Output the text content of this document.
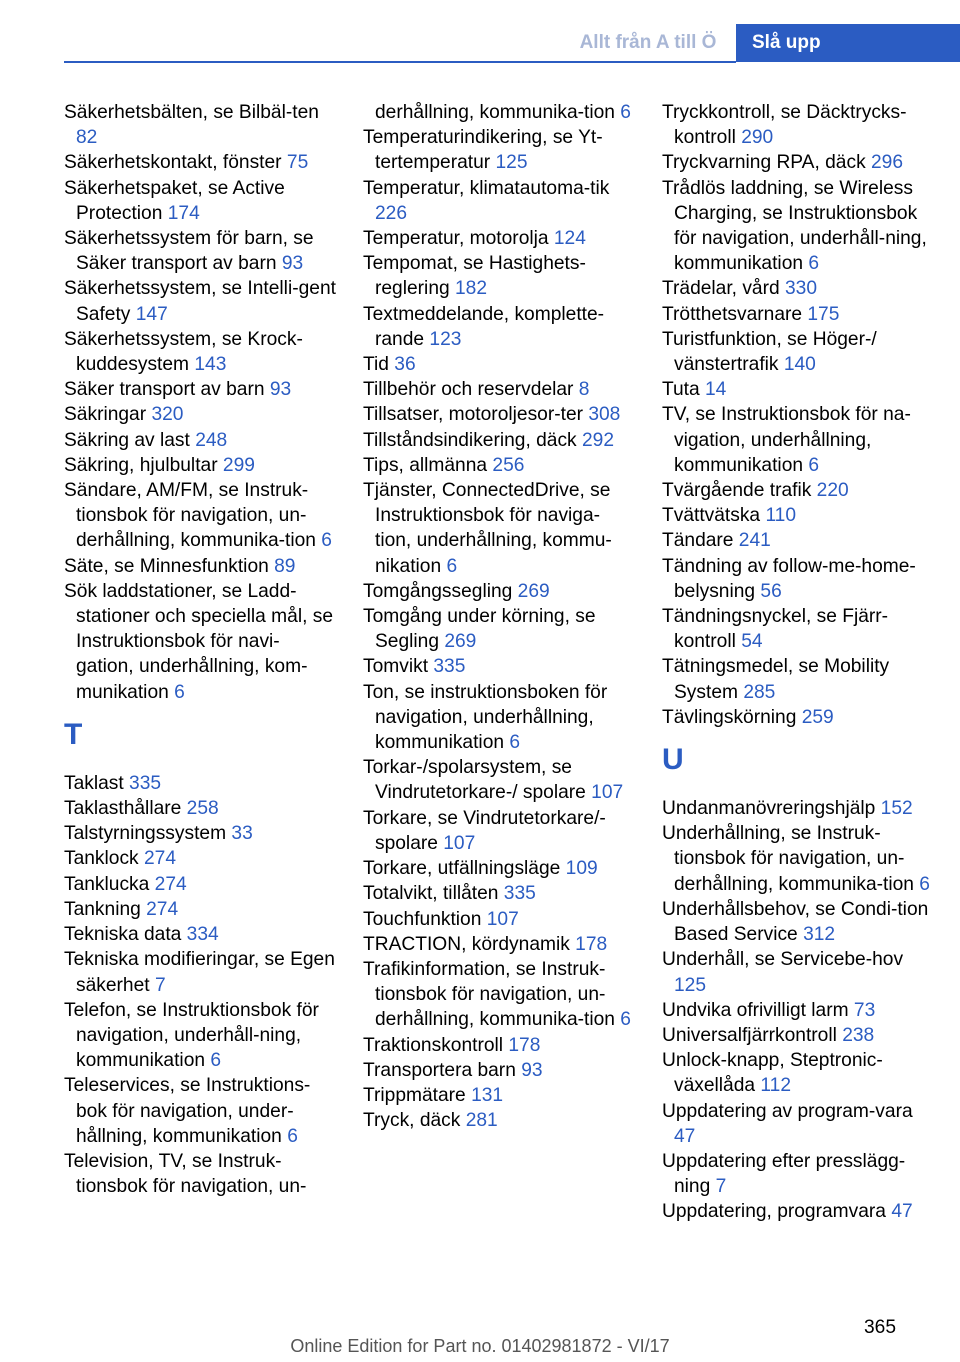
Allt från A till Ö	Slå upp

Säkerhetsbälten, se Bilbäl-ten 82

Säkerhetskontakt, fönster 75

Säkerhetspaket, se Active Protection 174

Säkerhetssystem för barn, se Säker transport av barn 93

Säkerhetssystem, se Intelli-gent Safety 147

Säkerhetssystem, se Krock-kuddesystem 143

Säker transport av barn 93

Säkringar 320

Säkring av last 248

Säkring, hjulbultar 299

Sändare, AM/FM, se Instruk-tionsbok för navigation, un-derhållning, kommunika-tion 6

Säte, se Minnesfunktion 89

Sök laddstationer, se Ladd-stationer och speciella mål, se Instruktionsbok för navi-gation, underhållning, kom-munikation 6

T

Taklast 335

Taklasthållare 258

Talstyrningssystem 33

Tanklock 274

Tanklucka 274

Tankning 274

Tekniska data 334

Tekniska modifieringar, se Egen säkerhet 7

Telefon, se Instruktionsbok för navigation, underhåll-ning, kommunikation 6

Teleservices, se Instruktions-bok för navigation, under-hållning, kommunikation 6

Television, TV, se Instruk-tionsbok för navigation, un-

derhållning, kommunika-tion 6

Temperaturindikering, se Yt-tertemperatur 125

Temperatur, klimatautoma-tik 226

Temperatur, motorolja 124

Tempomat, se Hastighets-reglering 182

Textmeddelande, komplette-rande 123

Tid 36

Tillbehör och reservdelar 8

Tillsatser, motoroljesor-ter 308

Tillståndsindikering, däck 292

Tips, allmänna 256

Tjänster, ConnectedDrive, se Instruktionsbok för naviga-tion, underhållning, kommu-nikation 6

Tomgångssegling 269

Tomgång under körning, se Segling 269

Tomvikt 335

Ton, se instruktionsboken för navigation, underhållning, kommunikation 6

Torkar-/spolarsystem, se Vindrutetorkare-/ spolare 107

Torkare, se Vindrutetorkare/-spolare 107

Torkare, utfällningsläge 109

Totalvikt, tillåten 335

Touchfunktion 107

TRACTION, kördynamik 178

Trafikinformation, se Instruk-tionsbok för navigation, un-derhållning, kommunika-tion 6

Traktionskontroll 178

Transportera barn 93

Trippmätare 131

Tryck, däck 281

Tryckkontroll, se Däcktrycks-kontroll 290

Tryckvarning RPA, däck 296

Trådlös laddning, se Wireless Charging, se Instruktionsbok för navigation, underhåll-ning, kommunikation 6

Trädelar, vård 330

Trötthetsvarnare 175

Turistfunktion, se Höger-/ vänstertrafik 140

Tuta 14

TV, se Instruktionsbok för na-vigation, underhållning, kommunikation 6

Tvärgående trafik 220

Tvättvätska 110

Tändare 241

Tändning av follow-me-home-belysning 56

Tändningsnyckel, se Fjärr-kontroll 54

Tätningsmedel, se Mobility System 285

Tävlingskörning 259

U

Undanmanövreringshjälp 152

Underhållning, se Instruk-tionsbok för navigation, un-derhållning, kommunika-tion 6

Underhållsbehov, se Condi-tion Based Service 312

Underhåll, se Servicebe-hov 125

Undvika ofrivilligt larm 73

Universalfjärrkontroll 238

Unlock-knapp, Steptronic-växellåda 112

Uppdatering av program-vara 47

Uppdatering efter presslägg-ning 7

Uppdatering, programvara 47

365
Online Edition for Part no. 01402981872 - VI/17
